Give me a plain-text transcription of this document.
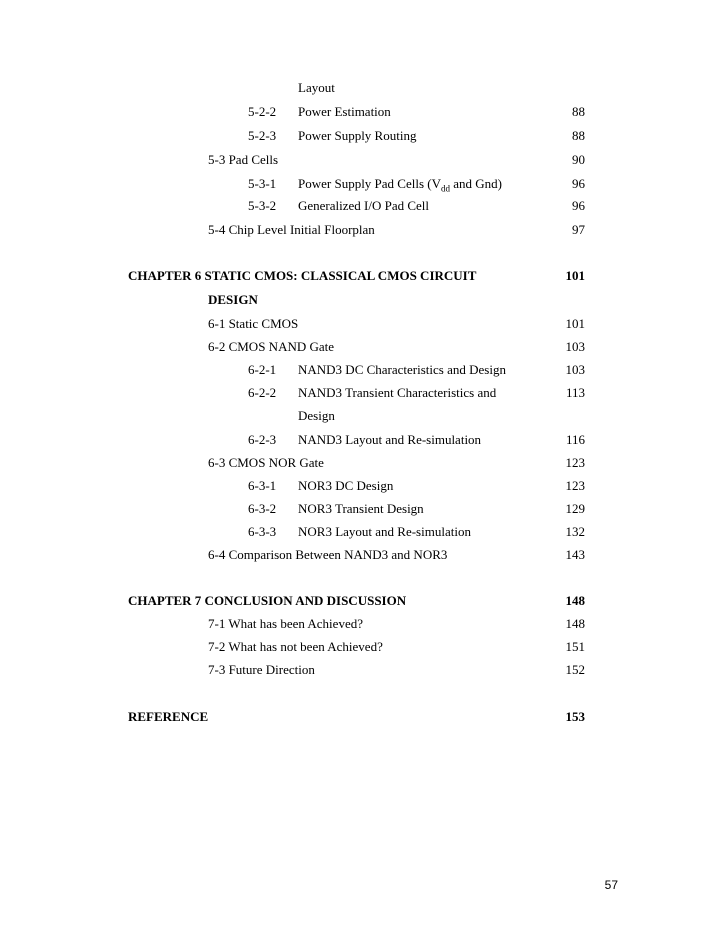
Layout
5-2-2 Power Estimation	88
5-2-3 Power Supply Routing	88
5-3 Pad Cells	90
5-3-1 Power Supply Pad Cells ($V_{dd}$ and Gnd)	96
5-3-2 Generalized I/O Pad Cell	96
5-4 Chip Level Initial Floorplan	97
CHAPTER 6 STATIC CMOS: CLASSICAL CMOS CIRCUIT	101
DESIGN
6-1 Static CMOS	101
6-2 CMOS NAND Gate	103
6-2-1 NAND3 DC Characteristics and Design	103
6-2-2 NAND3 Transient Characteristics and	113
Design
6-2-3 NAND3 Layout and Re-simulation	116
6-3 CMOS NOR Gate	123
6-3-1 NOR3 DC Design	123
6-3-2 NOR3 Transient Design	129
6-3-3 NOR3 Layout and Re-simulation	132
6-4 Comparison Between NAND3 and NOR3	143
CHAPTER 7 CONCLUSION AND DISCUSSION	148
7-1 What has been Achieved?	148
7-2 What has not been Achieved?	151
7-3 Future Direction	152
REFERENCE	153
57
